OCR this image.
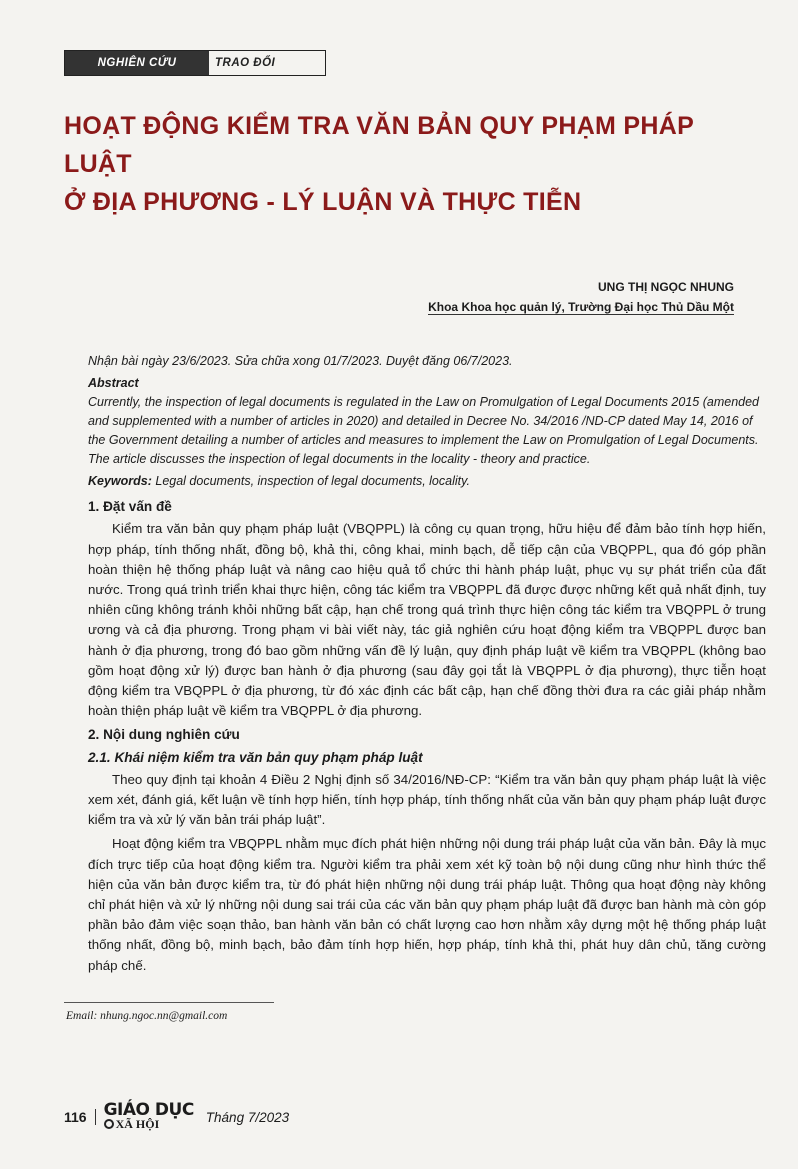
NGHIÊN CỨU	TRAO ĐỔI
HOẠT ĐỘNG KIỂM TRA VĂN BẢN QUY PHẠM PHÁP LUẬT
Ở ĐỊA PHƯƠNG - LÝ LUẬN VÀ THỰC TIỄN
UNG THỊ NGỌC NHUNG
Khoa Khoa học quản lý, Trường Đại học Thủ Dầu Một

Nhận bài ngày 23/6/2023. Sửa chữa xong 01/7/2023. Duyệt đăng 06/7/2023.

Abstract

Currently, the inspection of legal documents is regulated in the Law on Promulgation of Legal Documents 2015 (amended and supplemented with a number of articles in 2020) and detailed in Decree No. 34/2016 /ND-CP dated May 14, 2016 of the Government detailing a number of articles and measures to implement the Law on Promulgation of Legal Documents. The article discusses the inspection of legal documents in the locality - theory and practice.

Keywords: Legal documents, inspection of legal documents, locality.

1. Đặt vấn đề

Kiểm tra văn bản quy phạm pháp luật (VBQPPL) là công cụ quan trọng, hữu hiệu để đảm bảo tính hợp hiến, hợp pháp, tính thống nhất, đồng bộ, khả thi, công khai, minh bạch, dễ tiếp cận của VBQPPL, qua đó góp phần hoàn thiện hệ thống pháp luật và nâng cao hiệu quả tổ chức thi hành pháp luật, phục vụ sự phát triển của đất nước. Trong quá trình triển khai thực hiện, công tác kiểm tra VBQPPL đã được được những kết quả nhất định, tuy nhiên cũng không tránh khỏi những bất cập, hạn chế trong quá trình thực hiện công tác kiểm tra VBQPPL ở trung ương và cả địa phương. Trong phạm vi bài viết này, tác giả nghiên cứu hoạt động kiểm tra VBQPPL được ban hành ở địa phương, trong đó bao gồm những vấn đề lý luận, quy định pháp luật về kiểm tra VBQPPL (không bao gồm hoạt động xử lý) được ban hành ở địa phương (sau đây gọi tắt là VBQPPL ở địa phương), thực tiễn hoạt động kiểm tra VBQPPL ở địa phương, từ đó xác định các bất cập, hạn chế đồng thời đưa ra các giải pháp nhằm hoàn thiện pháp luật về kiểm tra VBQPPL ở địa phương.

2. Nội dung nghiên cứu

2.1. Khái niệm kiểm tra văn bản quy phạm pháp luật

Theo quy định tại khoản 4 Điều 2 Nghị định số 34/2016/NĐ-CP: “Kiểm tra văn bản quy phạm pháp luật là việc xem xét, đánh giá, kết luận về tính hợp hiến, tính hợp pháp, tính thống nhất của văn bản quy phạm pháp luật được kiểm tra và xử lý văn bản trái pháp luật”.

Hoạt động kiểm tra VBQPPL nhằm mục đích phát hiện những nội dung trái pháp luật của văn bản. Đây là mục đích trực tiếp của hoạt động kiểm tra. Người kiểm tra phải xem xét kỹ toàn bộ nội dung cũng như hình thức thể hiện của văn bản được kiểm tra, từ đó phát hiện những nội dung trái pháp luật. Thông qua hoạt động này không chỉ phát hiện và xử lý những nội dung sai trái của các văn bản quy phạm pháp luật đã được ban hành mà còn góp phần bảo đảm việc soạn thảo, ban hành văn bản có chất lượng cao hơn nhằm xây dựng một hệ thống pháp luật thống nhất, đồng bộ, minh bạch, bảo đảm tính hợp hiến, hợp pháp, tính khả thi, phát huy dân chủ, tăng cường pháp chế.

Email: nhung.ngoc.nn@gmail.com
116	GIÁO DỤC
XÃ HỘI	Tháng 7/2023
